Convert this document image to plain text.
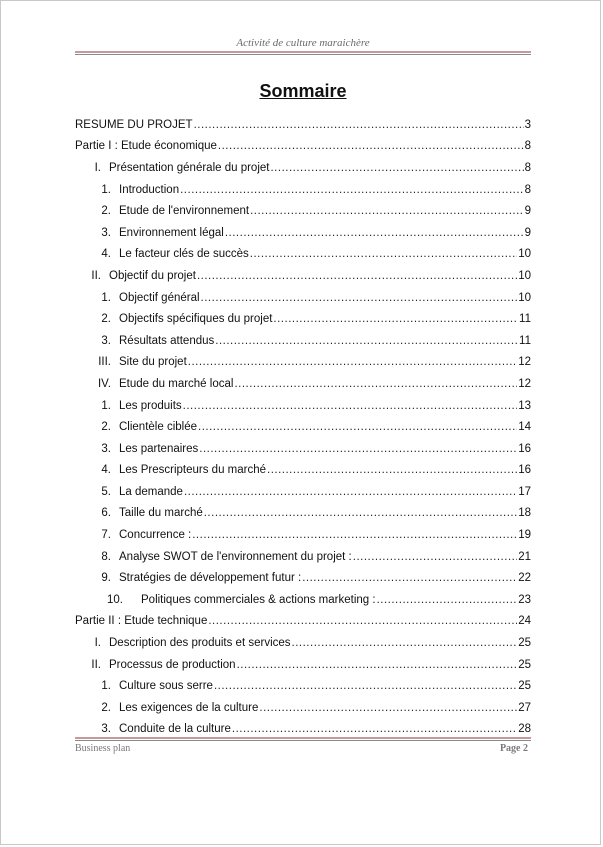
Activité de culture maraichère
Sommaire
RESUME DU PROJET .....	3
Partie I : Etude économique .....	8
I. Présentation générale du projet .....	8
1. Introduction .....	8
2. Etude de l'environnement .....	9
3. Environnement légal .....	9
4. Le facteur clés de succès .....	10
II. Objectif du projet .....	10
1. Objectif général .....	10
2. Objectifs spécifiques du projet .....	11
3. Résultats attendus .....	11
III. Site du projet .....	12
IV. Etude du marché local .....	12
1. Les produits .....	13
2. Clientèle ciblée .....	14
3. Les partenaires .....	16
4. Les Prescripteurs du marché .....	16
5. La demande .....	17
6. Taille du marché .....	18
7. Concurrence : .....	19
8. Analyse SWOT de l'environnement du projet : .....	21
9. Stratégies de développement futur : .....	22
10. Politiques commerciales & actions marketing : .....	23
Partie II : Etude technique .....	24
I. Description des produits et services .....	25
II. Processus de production .....	25
1. Culture sous serre .....	25
2. Les exigences de la culture .....	27
3. Conduite de la culture .....	28
Business plan	Page 2
